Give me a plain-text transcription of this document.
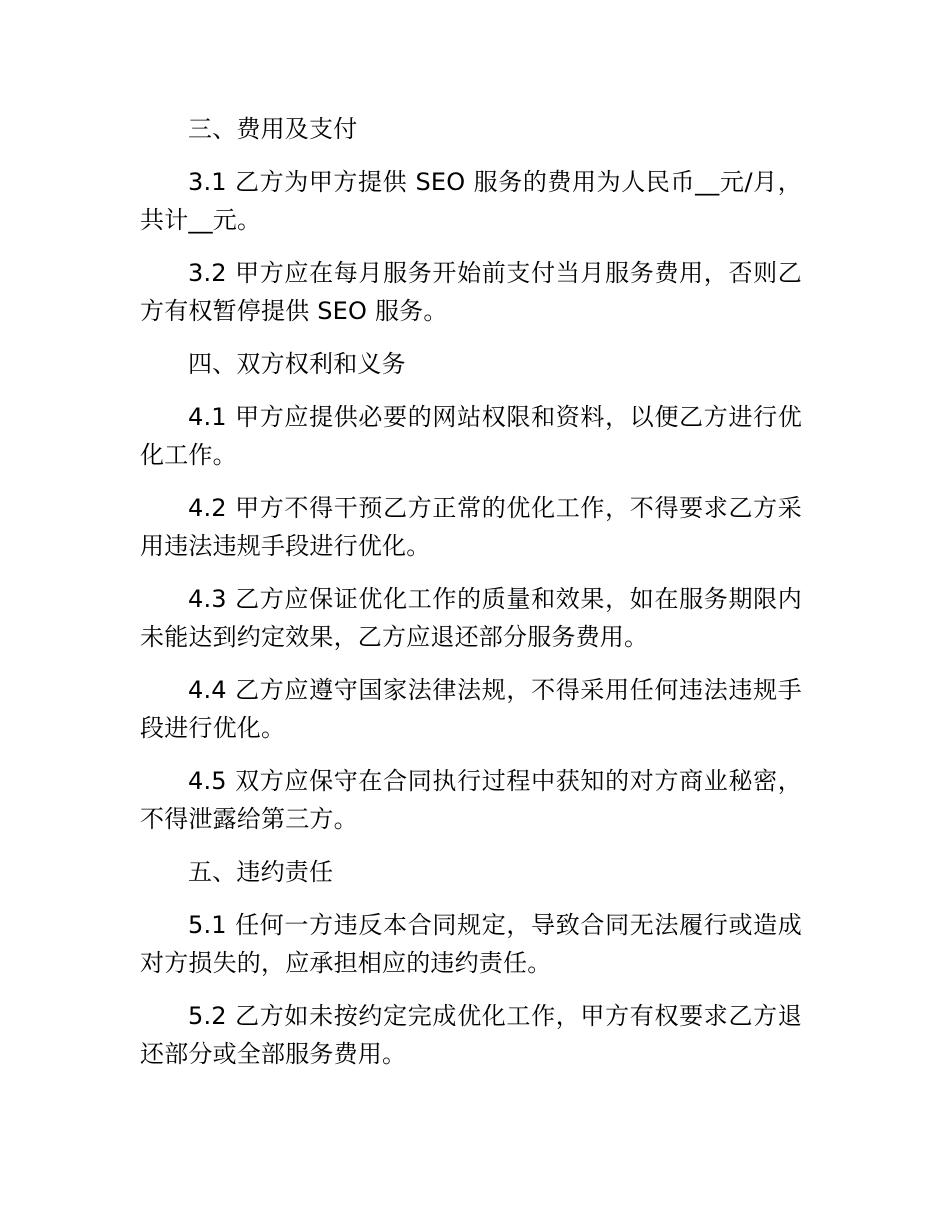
三、费用及支付

3.1 乙方为甲方提供 SEO 服务的费用为人民币__元/月，共计__元。

3.2 甲方应在每月服务开始前支付当月服务费用，否则乙方有权暂停提供 SEO 服务。

四、双方权利和义务

4.1 甲方应提供必要的网站权限和资料，以便乙方进行优化工作。

4.2 甲方不得干预乙方正常的优化工作，不得要求乙方采用违法违规手段进行优化。

4.3 乙方应保证优化工作的质量和效果，如在服务期限内未能达到约定效果，乙方应退还部分服务费用。

4.4 乙方应遵守国家法律法规，不得采用任何违法违规手段进行优化。

4.5 双方应保守在合同执行过程中获知的对方商业秘密，不得泄露给第三方。

五、违约责任

5.1 任何一方违反本合同规定，导致合同无法履行或造成对方损失的，应承担相应的违约责任。

5.2 乙方如未按约定完成优化工作，甲方有权要求乙方退还部分或全部服务费用。
